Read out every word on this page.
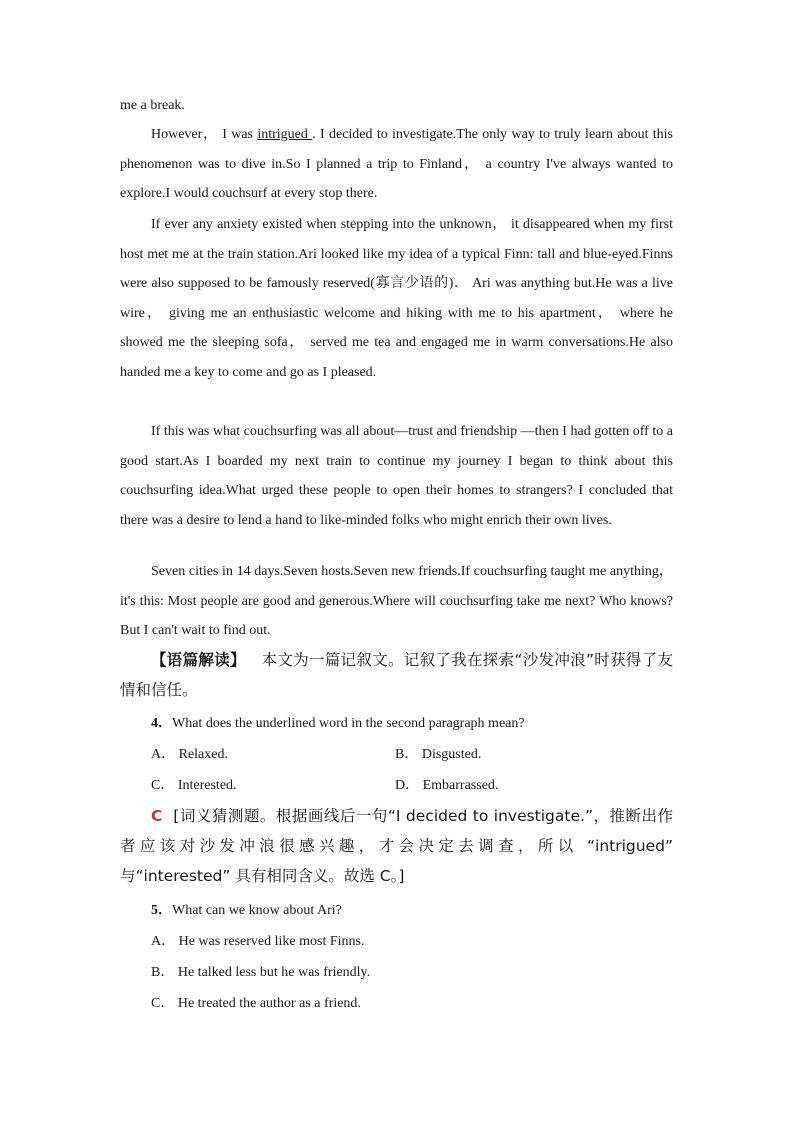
me a break.

However， I was intrigued . I decided to investigate.The only way to truly learn about this phenomenon was to dive in.So I planned a trip to Finland， a country I've always wanted to explore.I would couchsurf at every stop there.

If ever any anxiety existed when stepping into the unknown， it disappeared when my first host met me at the train station.Ari looked like my idea of a typical Finn: tall and blue-eyed.Finns were also supposed to be famously reserved(寡言少语的)． Ari was anything but.He was a live wire， giving me an enthusiastic welcome and hiking with me to his apartment， where he showed me the sleeping sofa， served me tea and engaged me in warm conversations.He also handed me a key to come and go as I pleased.

If this was what couchsurfing was all about—trust and friendship —then I had gotten off to a good start.As I boarded my next train to continue my journey I began to think about this couchsurfing idea.What urged these people to open their homes to strangers? I concluded that there was a desire to lend a hand to like-minded folks who might enrich their own lives.

Seven cities in 14 days.Seven hosts.Seven new friends.If couchsurfing taught me anything， it's this: Most people are good and generous.Where will couchsurfing take me next? Who knows? But I can't wait to find out.

【语篇解读】 本文为一篇记叙文。记叙了我在探索“沙发冲浪”时获得了友情和信任。

4．What does the underlined word in the second paragraph mean?
A． Relaxed.	B． Disgusted.
C． Interested.	D． Embarrassed.

C [词义猜测题。根据画线后一句“I decided to investigate.”，推断出作者应该对沙发冲浪很感兴趣，才会决定去调查，所以 “intrigued” 与“interested” 具有相同含义。故选 C。]

5．What can we know about Ari?
A． He was reserved like most Finns.
B． He talked less but he was friendly.
C． He treated the author as a friend.
